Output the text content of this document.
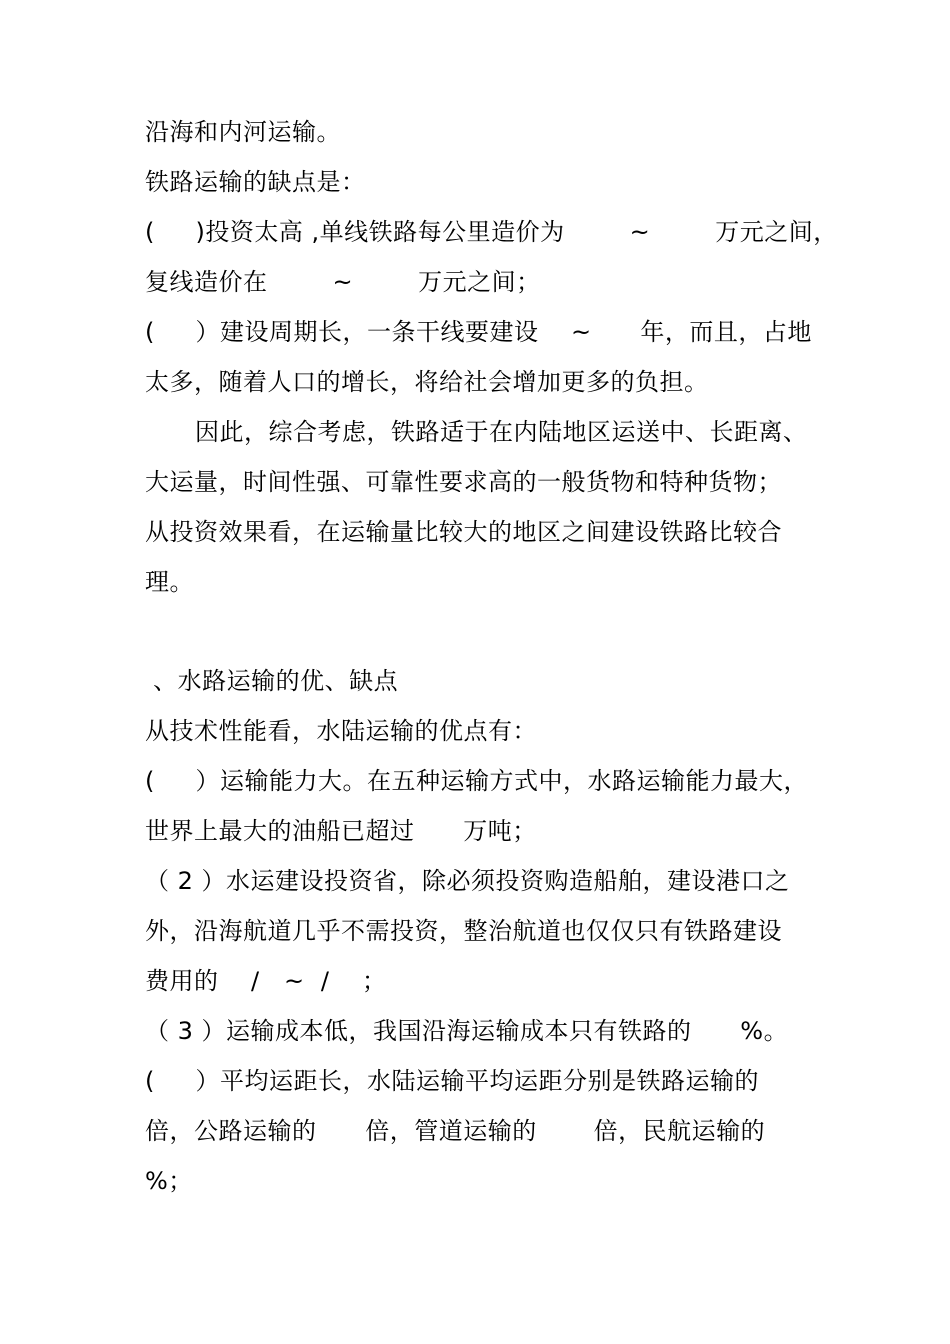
沿海和内河运输。
铁路运输的缺点是：
(     )投资太高 ,单线铁路每公里造价为        ~        万元之间，
复线造价在        ~        万元之间；
(     ）建设周期长，一条干线要建设    ~      年，而且，占地
太多，随着人口的增长，将给社会增加更多的负担。
因此，综合考虑，铁路适于在内陆地区运送中、长距离、
大运量，时间性强、可靠性要求高的一般货物和特种货物；
从投资效果看，在运输量比较大的地区之间建设铁路比较合
理。
、水路运输的优、缺点
从技术性能看，水陆运输的优点有：
(     ）运输能力大。在五种运输方式中，水路运输能力最大，
世界上最大的油船已超过      万吨；
（ 2 ）水运建设投资省，除必须投资购造船舶，建设港口之
外，沿海航道几乎不需投资，整治航道也仅仅只有铁路建设
费用的    /   ~  /    ；
（ 3 ）运输成本低，我国沿海运输成本只有铁路的      %。
(     ）平均运距长，水陆运输平均运距分别是铁路运输的
倍，公路运输的      倍，管道运输的       倍，民航运输的
%；
